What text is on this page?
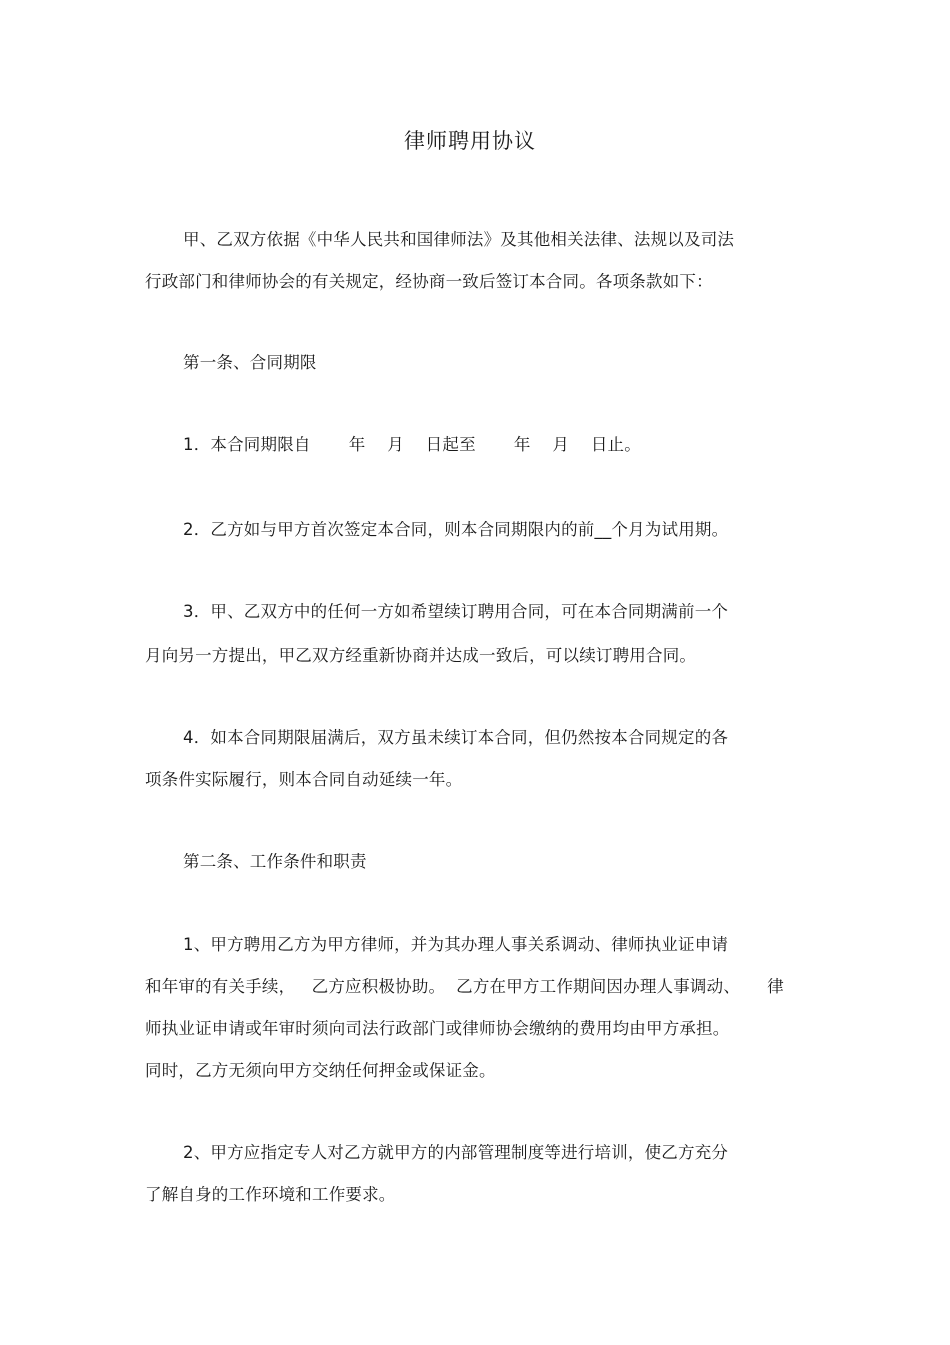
律师聘用协议
甲、乙双方依据《中华人民共和国律师法》及其他相关法律、法规以及司法
行政部门和律师协会的有关规定，经协商一致后签订本合同。各项条款如下：
第一条、合同期限
1．本合同期限自       年    月    日起至       年    月    日止。
2．乙方如与甲方首次签定本合同，则本合同期限内的前__个月为试用期。
3．甲、乙双方中的任何一方如希望续订聘用合同，可在本合同期满前一个
月向另一方提出，甲乙双方经重新协商并达成一致后，可以续订聘用合同。
4．如本合同期限届满后，双方虽未续订本合同，但仍然按本合同规定的各
项条件实际履行，则本合同自动延续一年。
第二条、工作条件和职责
1、甲方聘用乙方为甲方律师，并为其办理人事关系调动、律师执业证申请
和年审的有关手续，   乙方应积极协助。  乙方在甲方工作期间因办理人事调动、     律
师执业证申请或年审时须向司法行政部门或律师协会缴纳的费用均由甲方承担。
同时，乙方无须向甲方交纳任何押金或保证金。
2、甲方应指定专人对乙方就甲方的内部管理制度等进行培训，使乙方充分
了解自身的工作环境和工作要求。
